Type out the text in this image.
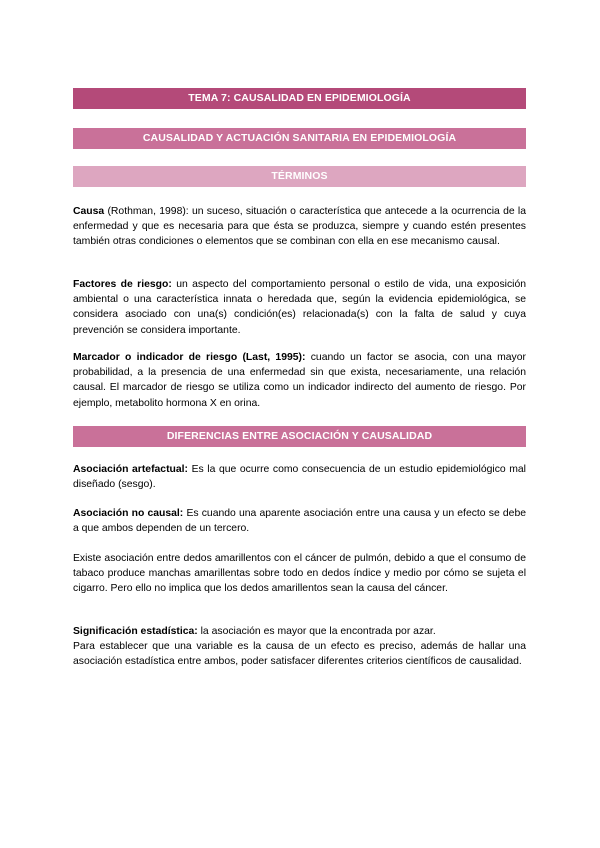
TEMA 7: CAUSALIDAD EN EPIDEMIOLOGÍA
CAUSALIDAD Y ACTUACIÓN SANITARIA EN EPIDEMIOLOGÍA
TÉRMINOS

Causa (Rothman, 1998): un suceso, situación o característica que antecede a la ocurrencia de la enfermedad y que es necesaria para que ésta se produzca, siempre y cuando estén presentes también otras condiciones o elementos que se combinan con ella en ese mecanismo causal.

Factores de riesgo: un aspecto del comportamiento personal o estilo de vida, una exposición ambiental o una característica innata o heredada que, según la evidencia epidemiológica, se considera asociado con una(s) condición(es) relacionada(s) con la falta de salud y cuya prevención se considera importante.

Marcador o indicador de riesgo (Last, 1995): cuando un factor se asocia, con una mayor probabilidad, a la presencia de una enfermedad sin que exista, necesariamente, una relación causal. El marcador de riesgo se utiliza como un indicador indirecto del aumento de riesgo. Por ejemplo, metabolito hormona X en orina.

DIFERENCIAS ENTRE ASOCIACIÓN Y CAUSALIDAD

Asociación artefactual: Es la que ocurre como consecuencia de un estudio epidemiológico mal diseñado (sesgo).

Asociación no causal: Es cuando una aparente asociación entre una causa y un efecto se debe a que ambos dependen de un tercero.

Existe asociación entre dedos amarillentos con el cáncer de pulmón, debido a que el consumo de tabaco produce manchas amarillentas sobre todo en dedos índice y medio por cómo se sujeta el cigarro. Pero ello no implica que los dedos amarillentos sean la causa del cáncer.

Significación estadística: la asociación es mayor que la encontrada por azar.
Para establecer que una variable es la causa de un efecto es preciso, además de hallar una asociación estadística entre ambos, poder satisfacer diferentes criterios científicos de causalidad.
